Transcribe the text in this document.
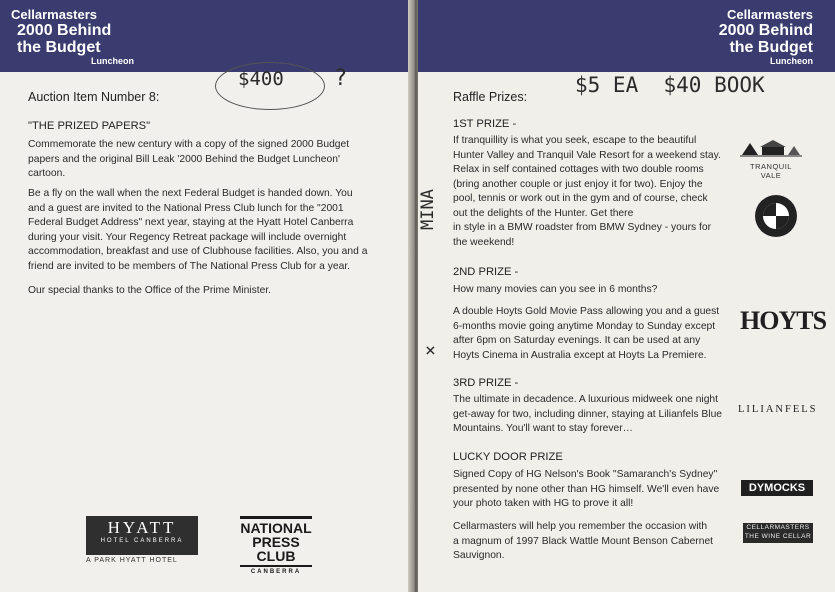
Cellarmasters
2000 Behind
the Budget
Luncheon
$400 ?
Auction Item Number 8:
"THE PRIZED PAPERS"
Commemorate the new century with a copy of the signed 2000 Budget
papers and the original Bill Leak '2000 Behind the Budget Luncheon'
cartoon.
Be a fly on the wall when the next Federal Budget is handed down. You
and a guest are invited to the National Press Club lunch for the "2001
Federal Budget Address" next year, staying at the Hyatt Hotel Canberra
during your visit. Your Regency Retreat package will include overnight
accommodation, breakfast and use of Clubhouse facilities. Also, you and a
friend are invited to be members of The National Press Club for a year.
Our special thanks to the Office of the Prime Minister.
HYATT
HOTEL CANBERRA
A PARK HYATT HOTEL
NATIONAL
PRESS CLUB
CANBERRA
Cellarmasters
2000 Behind
the Budget
Luncheon
$5 EA  $40 BOOK
MINA
×
Raffle Prizes:
1ST PRIZE -
If tranquillity is what you seek, escape to the beautiful
Hunter Valley and Tranquil Vale Resort for a weekend stay.
Relax in self contained cottages with two double rooms
(bring another couple or just enjoy it for two). Enjoy the
pool, tennis or work out in the gym and of course, check
out the delights of the Hunter. Get there
in style in a BMW roadster from BMW Sydney - yours for
the weekend!
2ND PRIZE -
How many movies can you see in 6 months?
A double Hoyts Gold Movie Pass allowing you and a guest
6-months movie going anytime Monday to Sunday except
after 6pm on Saturday evenings. It can be used at any
Hoyts Cinema in Australia except at Hoyts La Premiere.
3RD PRIZE -
The ultimate in decadence. A luxurious midweek one night
get-away for two, including dinner, staying at Lilianfels Blue
Mountains. You'll want to stay forever…
LUCKY DOOR PRIZE
Signed Copy of HG Nelson's Book "Samaranch's Sydney"
presented by none other than HG himself. We'll even have
your photo taken with HG to prove it all!
Cellarmasters will help you remember the occasion with
a magnum of 1997 Black Wattle Mount Benson Cabernet
Sauvignon.
TRANQUIL VALE
HOYTS
LILIANFELS
DYMOCKS
CELLARMASTERS
THE WINE CELLAR
